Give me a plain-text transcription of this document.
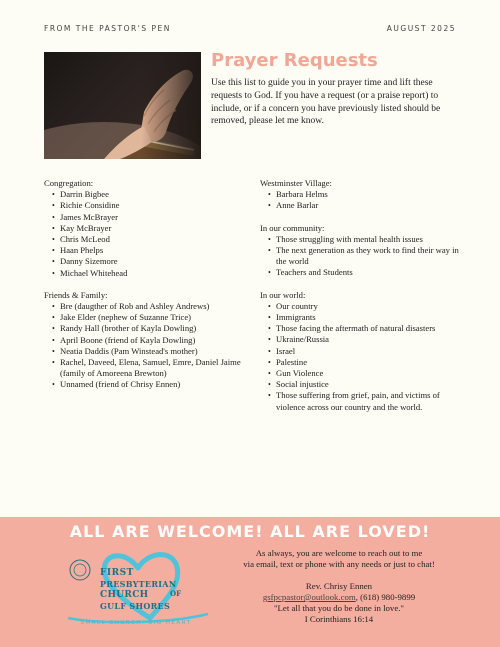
FROM THE PASTOR'S PEN	AUGUST 2025
Prayer Requests
Use this list to guide you in your prayer time and lift these requests to God. If you have a request (or a praise report) to include, or if a concern you have previously listed should be removed, please let me know.
Congregation:
• Darrin Bigbee
• Richie Considine
• James McBrayer
• Kay McBrayer
• Chris McLeod
• Haan Phelps
• Danny Sizemore
• Michael Whitehead
Friends & Family:
• Bre (daugther of Rob and Ashley Andrews)
• Jake Elder (nephew of Suzanne Trice)
• Randy Hall (brother of Kayla Dowling)
• April Boone (friend of Kayla Dowling)
• Neatia Daddis (Pam Winstead's mother)
• Rachel, Daveed, Elena, Samuel, Emre, Daniel Jaime (family of Amoreena Brewton)
• Unnamed (friend of Chrisy Ennen)
Westminster Village:
• Barbara Helms
• Anne Barlar
In our community:
• Those struggling with mental health issues
• The next generation as they work to find their way in the world
• Teachers and Students
In our world:
• Our country
• Immigrants
• Those facing the aftermath of natural disasters
• Ukraine/Russia
• Israel
• Palestine
• Gun Violence
• Social injustice
• Those suffering from grief, pain, and victims of violence across our country and the world.
ALL ARE WELCOME! ALL ARE LOVED!
OF
FIRST
PRESBYTERIAN
CHURCH
GULF SHORES
SMALL CHURCH, BIG HEART
As always, you are welcome to reach out to me
via email, text or phone with any needs or just to chat!
Rev. Chrisy Ennen
gsfpcpastor@outlook.com, (618) 980-9899
"Let all that you do be done in love."
I Corinthians 16:14
